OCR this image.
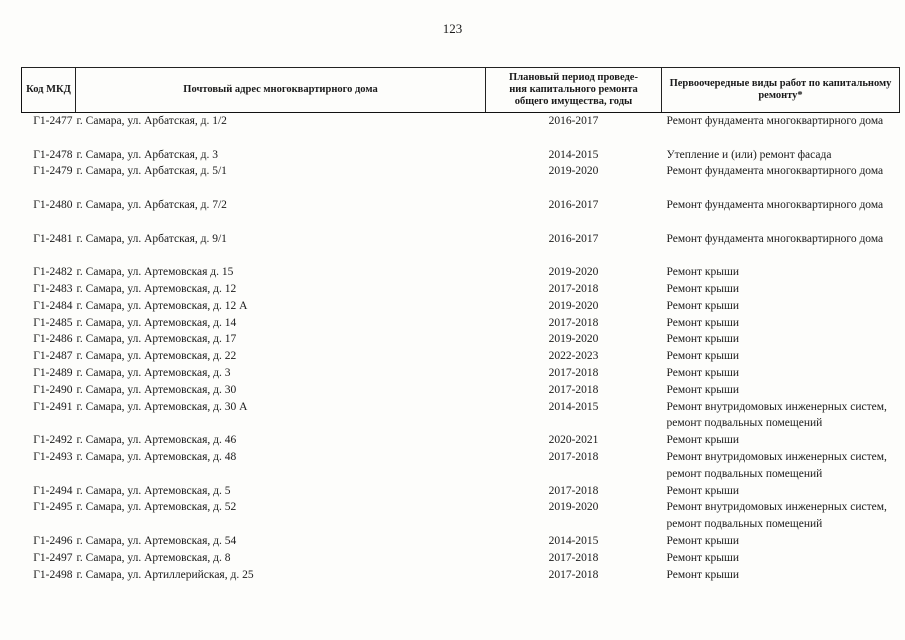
123
Код МКД	Почтовый адрес многоквартирного дома	Плановый период проведе-
ния капитального ремонта
общего имущества, годы	Первоочередные виды работ по капитальному
ремонту*
Г1-2477	г. Самара, ул. Арбатская, д. 1/2	2016-2017	Ремонт фундамента многоквартирного дома

Г1-2478	г. Самара, ул. Арбатская, д. 3	2014-2015	Утепление и (или) ремонт фасада
Г1-2479	г. Самара, ул. Арбатская, д. 5/1	2019-2020	Ремонт фундамента многоквартирного дома

Г1-2480	г. Самара, ул. Арбатская, д. 7/2	2016-2017	Ремонт фундамента многоквартирного дома

Г1-2481	г. Самара, ул. Арбатская, д. 9/1	2016-2017	Ремонт фундамента многоквартирного дома

Г1-2482	г. Самара, ул. Артемовская д. 15	2019-2020	Ремонт крыши
Г1-2483	г. Самара, ул. Артемовская, д. 12	2017-2018	Ремонт крыши
Г1-2484	г. Самара, ул. Артемовская, д. 12 А	2019-2020	Ремонт крыши
Г1-2485	г. Самара, ул. Артемовская, д. 14	2017-2018	Ремонт крыши
Г1-2486	г. Самара, ул. Артемовская, д. 17	2019-2020	Ремонт крыши
Г1-2487	г. Самара, ул. Артемовская, д. 22	2022-2023	Ремонт крыши
Г1-2489	г. Самара, ул. Артемовская, д. 3	2017-2018	Ремонт крыши
Г1-2490	г. Самара, ул. Артемовская, д. 30	2017-2018	Ремонт крыши
Г1-2491	г. Самара, ул. Артемовская, д. 30 А	2014-2015	Ремонт внутридомовых инженерных систем,
ремонт подвальных помещений
Г1-2492	г. Самара, ул. Артемовская, д. 46	2020-2021	Ремонт крыши
Г1-2493	г. Самара, ул. Артемовская, д. 48	2017-2018	Ремонт внутридомовых инженерных систем,
ремонт подвальных помещений
Г1-2494	г. Самара, ул. Артемовская, д. 5	2017-2018	Ремонт крыши
Г1-2495	г. Самара, ул. Артемовская, д. 52	2019-2020	Ремонт внутридомовых инженерных систем,
ремонт подвальных помещений
Г1-2496	г. Самара, ул. Артемовская, д. 54	2014-2015	Ремонт крыши
Г1-2497	г. Самара, ул. Артемовская, д. 8	2017-2018	Ремонт крыши
Г1-2498	г. Самара, ул. Артиллерийская, д. 25	2017-2018	Ремонт крыши
